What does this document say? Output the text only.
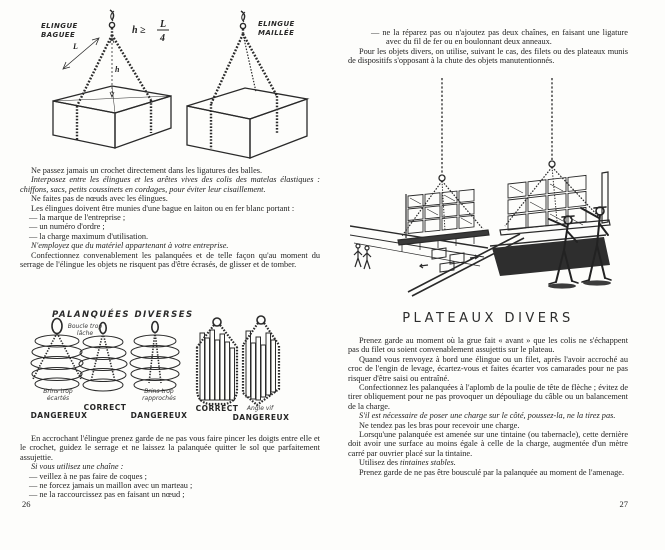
ELINGUE
BAGUEE
ELINGUE
MAILLÉE
h ≥
L
4
L
h

Ne passez jamais un crochet directement dans les ligatures des balles.

Interposez entre les élingues et les arêtes vives des colis des matelas élastiques : chiffons, sacs, petits coussinets en cordages, pour éviter leur cisaillement.

Ne faites pas de nœuds avec les élingues.

Les élingues doivent être munies d'une bague en laiton ou en fer blanc portant :

— la marque de l'entreprise ;

— un numéro d'ordre ;

— la charge maximum d'utilisation.

N'employez que du matériel appartenant à votre entreprise.

Confectionnez convenablement les palanquées et de telle façon qu'au moment du serrage de l'élingue les objets ne risquent pas d'être écrasés, de glisser et de tomber.

PALANQUÉES DIVERSES
Boucle trop lâche
Brins trop écartés
DANGEREUX
CORRECT
Brins trop rapprochés
DANGEREUX
CORRECT	Angle vif
DANGEREUX

En accrochant l'élingue prenez garde de ne pas vous faire pincer les doigts entre elle et le crochet, guidez le serrage et ne laissez la palanquée quitter le sol que parfaitement assujettie.

Si vous utilisez une chaîne :

— veillez à ne pas faire de coques ;

— ne forcez jamais un maillon avec un marteau ;

— ne la raccourcissez pas en faisant un nœud ;

26

— ne la réparez pas ou n'ajoutez pas deux chaînes, en faisant une ligature avec du fil de fer ou en boulonnant deux anneaux.

Pour les objets divers, on utilise, suivant le cas, des filets ou des plateaux munis de dispositifs s'opposant à la chute des objets manutentionnés.

PLATEAUX DIVERS

Prenez garde au moment où la grue fait « avant » que les colis ne s'échappent pas du filet ou soient convenablement assujettis sur le plateau.

Quand vous renvoyez à bord une élingue ou un filet, après l'avoir accroché au croc de l'engin de levage, écartez-vous et faites écarter vos camarades pour ne pas risquer d'être saisi ou entraîné.

Confectionnez les palanquées à l'aplomb de la poulie de tête de flèche ; évitez de tirer obliquement pour ne pas provoquer un dépouliage du câble ou un balancement de la charge.

S'il est nécessaire de poser une charge sur le côté, poussez-la, ne la tirez pas.

Ne tendez pas les bras pour recevoir une charge.

Lorsqu'une palanquée est amenée sur une tintaine (ou tabernacle), cette dernière doit avoir une surface au moins égale à celle de la charge, augmentée d'un mètre carré par ouvrier placé sur la tintaine.

Utilisez des tintaines stables.

Prenez garde de ne pas être bousculé par la palanquée au moment de l'amenage.

27
